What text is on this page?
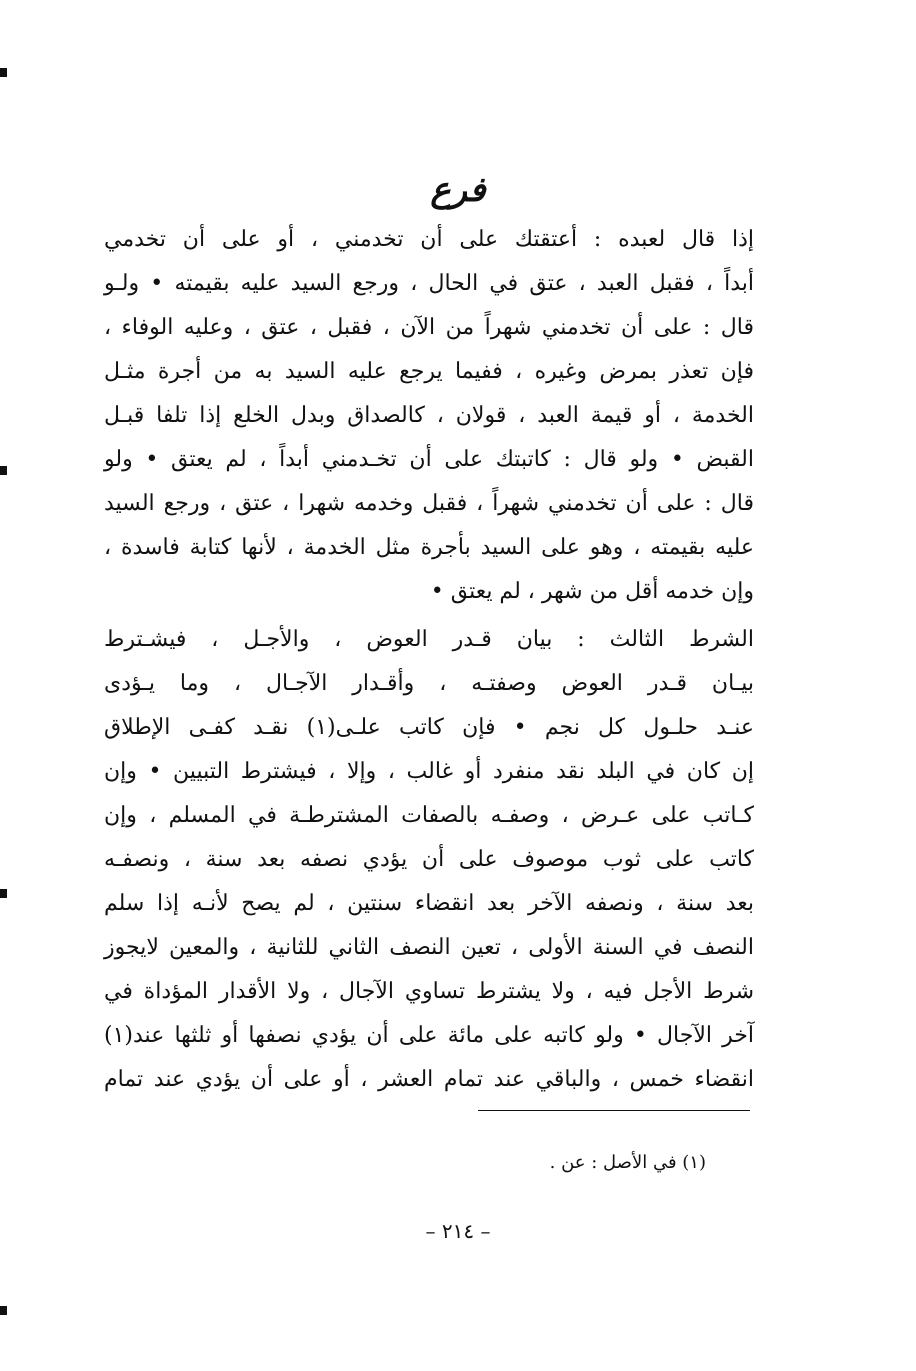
فرع

إذا قال لعبده : أعتقتك على أن تخدمني ، أو على أن تخدمي

أبداً ، فقبل العبد ، عتق في الحال ، ورجع السيد عليه بقيمته • ولـو

قال : على أن تخدمني شهراً من الآن ، فقبل ، عتق ، وعليه الوفاء ،

فإن تعذر بمرض وغيره ، ففيما يرجع عليه السيد به من أجرة مثـل

الخدمة ، أو قيمة العبد ، قولان ، كالصداق وبدل الخلع إذا تلفا قبـل

القبض • ولو قال : كاتبتك على أن تخـدمني أبداً ، لم يعتق • ولو

قال : على أن تخدمني شهراً ، فقبل وخدمه شهرا ، عتق ، ورجع السيد

عليه بقيمته ، وهو على السيد بأجرة مثل الخدمة ، لأنها كتابة فاسدة ،

وإن خدمه أقل من شهر ، لم يعتق •

الشرط الثالث : بيان قـدر العوض ، والأجـل ، فيشـترط

بيـان قـدر العوض وصفتـه ، وأقـدار الآجـال ، وما يـؤدى

عنـد حلـول كل نجم • فإن كاتب علـى(١) نقـد كفـى الإطلاق

إن كان في البلد نقد منفرد أو غالب ، وإلا ، فيشترط التبيين • وإن

كـاتب على عـرض ، وصفـه بالصفات المشترطـة في المسلم ، وإن

كاتب على ثوب موصوف على أن يؤدي نصفه بعد سنة ، ونصفـه

بعد سنة ، ونصفه الآخر بعد انقضاء سنتين ، لم يصح لأنـه إذا سلم

النصف في السنة الأولى ، تعين النصف الثاني للثانية ، والمعين لايجوز

شرط الأجل فيه ، ولا يشترط تساوي الآجال ، ولا الأقدار المؤداة في

آخر الآجال • ولو كاتبه على مائة على أن يؤدي نصفها أو ثلثها عند(١)

انقضاء خمس ، والباقي عند تمام العشر ، أو على أن يؤدي عند تمام

(١) في الأصل : عن .
– ٢١٤ –
